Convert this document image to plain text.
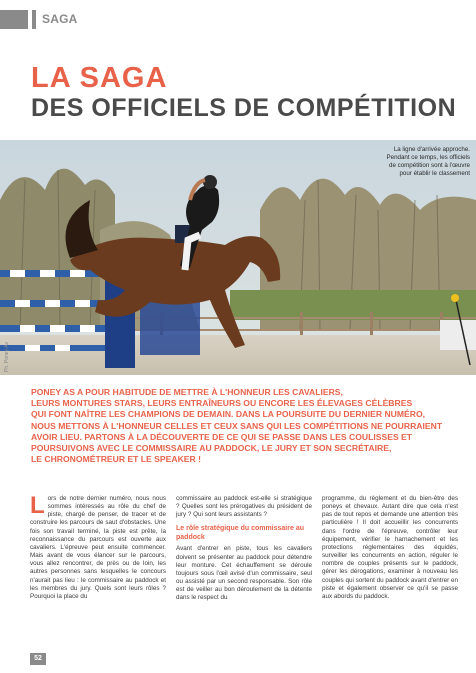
SAGA
LA SAGA
DES OFFICIELS DE COMPÉTITION

La ligne d'arrivée approche. Pendant ce temps, les officiels de compétition sont à l'œuvre pour établir le classement

Ph. Poney As

PONEY AS A POUR HABITUDE DE METTRE À L'HONNEUR LES CAVALIERS,
LEURS MONTURES STARS, LEURS ENTRAÎNEURS OU ENCORE LES ÉLEVAGES CÉLÈBRES
QUI FONT NAÎTRE LES CHAMPIONS DE DEMAIN. DANS LA POURSUITE DU DERNIER NUMÉRO,
NOUS METTONS À L'HONNEUR CELLES ET CEUX SANS QUI LES COMPÉTITIONS NE POURRAIENT
AVOIR LIEU. PARTONS À LA DÉCOUVERTE DE CE QUI SE PASSE DANS LES COULISSES ET
POURSUIVONS AVEC LE COMMISSAIRE AU PADDOCK, LE JURY ET SON SECRÉTAIRE,
LE CHRONOMÉTREUR ET LE SPEAKER !

L ors de notre dernier numéro, nous nous sommes intéressés au rôle du chef de piste, chargé de penser, de tracer et de construire les parcours de saut d'obstacles. Une fois son travail terminé, la piste est prête, la reconnaissance du parcours est ouverte aux cavaliers. L'épreuve peut ensuite commencer. Mais avant de vous élancer sur le parcours, vous allez rencontrer, de près ou de loin, les autres personnes sans lesquelles le concours n'aurait pas lieu : le commissaire au paddock et les membres du jury. Quels sont leurs rôles ? Pourquoi la place du

commissaire au paddock est-elle si stratégique ? Quelles sont les prérogatives du président de jury ? Qui sont leurs assistants ?

Le rôle stratégique du commissaire au paddock

Avant d'entrer en piste, tous les cavaliers doivent se présenter au paddock pour détendre leur monture. Cet échauffement se déroule toujours sous l'œil avisé d'un commissaire, seul ou assisté par un second responsable. Son rôle est de veiller au bon déroulement de la détente dans le respect du

programme, du règlement et du bien-être des poneys et chevaux. Autant dire que cela n'est pas de tout repos et demande une attention très particulière ! Il doit accueillir les concurrents dans l'ordre de l'épreuve, contrôler leur équipement, vérifier le harnachement et les protections réglementaires des équidés, surveiller les concurrents en action, réguler le nombre de couples présents sur le paddock, gérer les dérogations, examiner à nouveau les couples qui sortent du paddock avant d'entrer en piste et également observer ce qu'il se passe aux abords du paddock.

52
